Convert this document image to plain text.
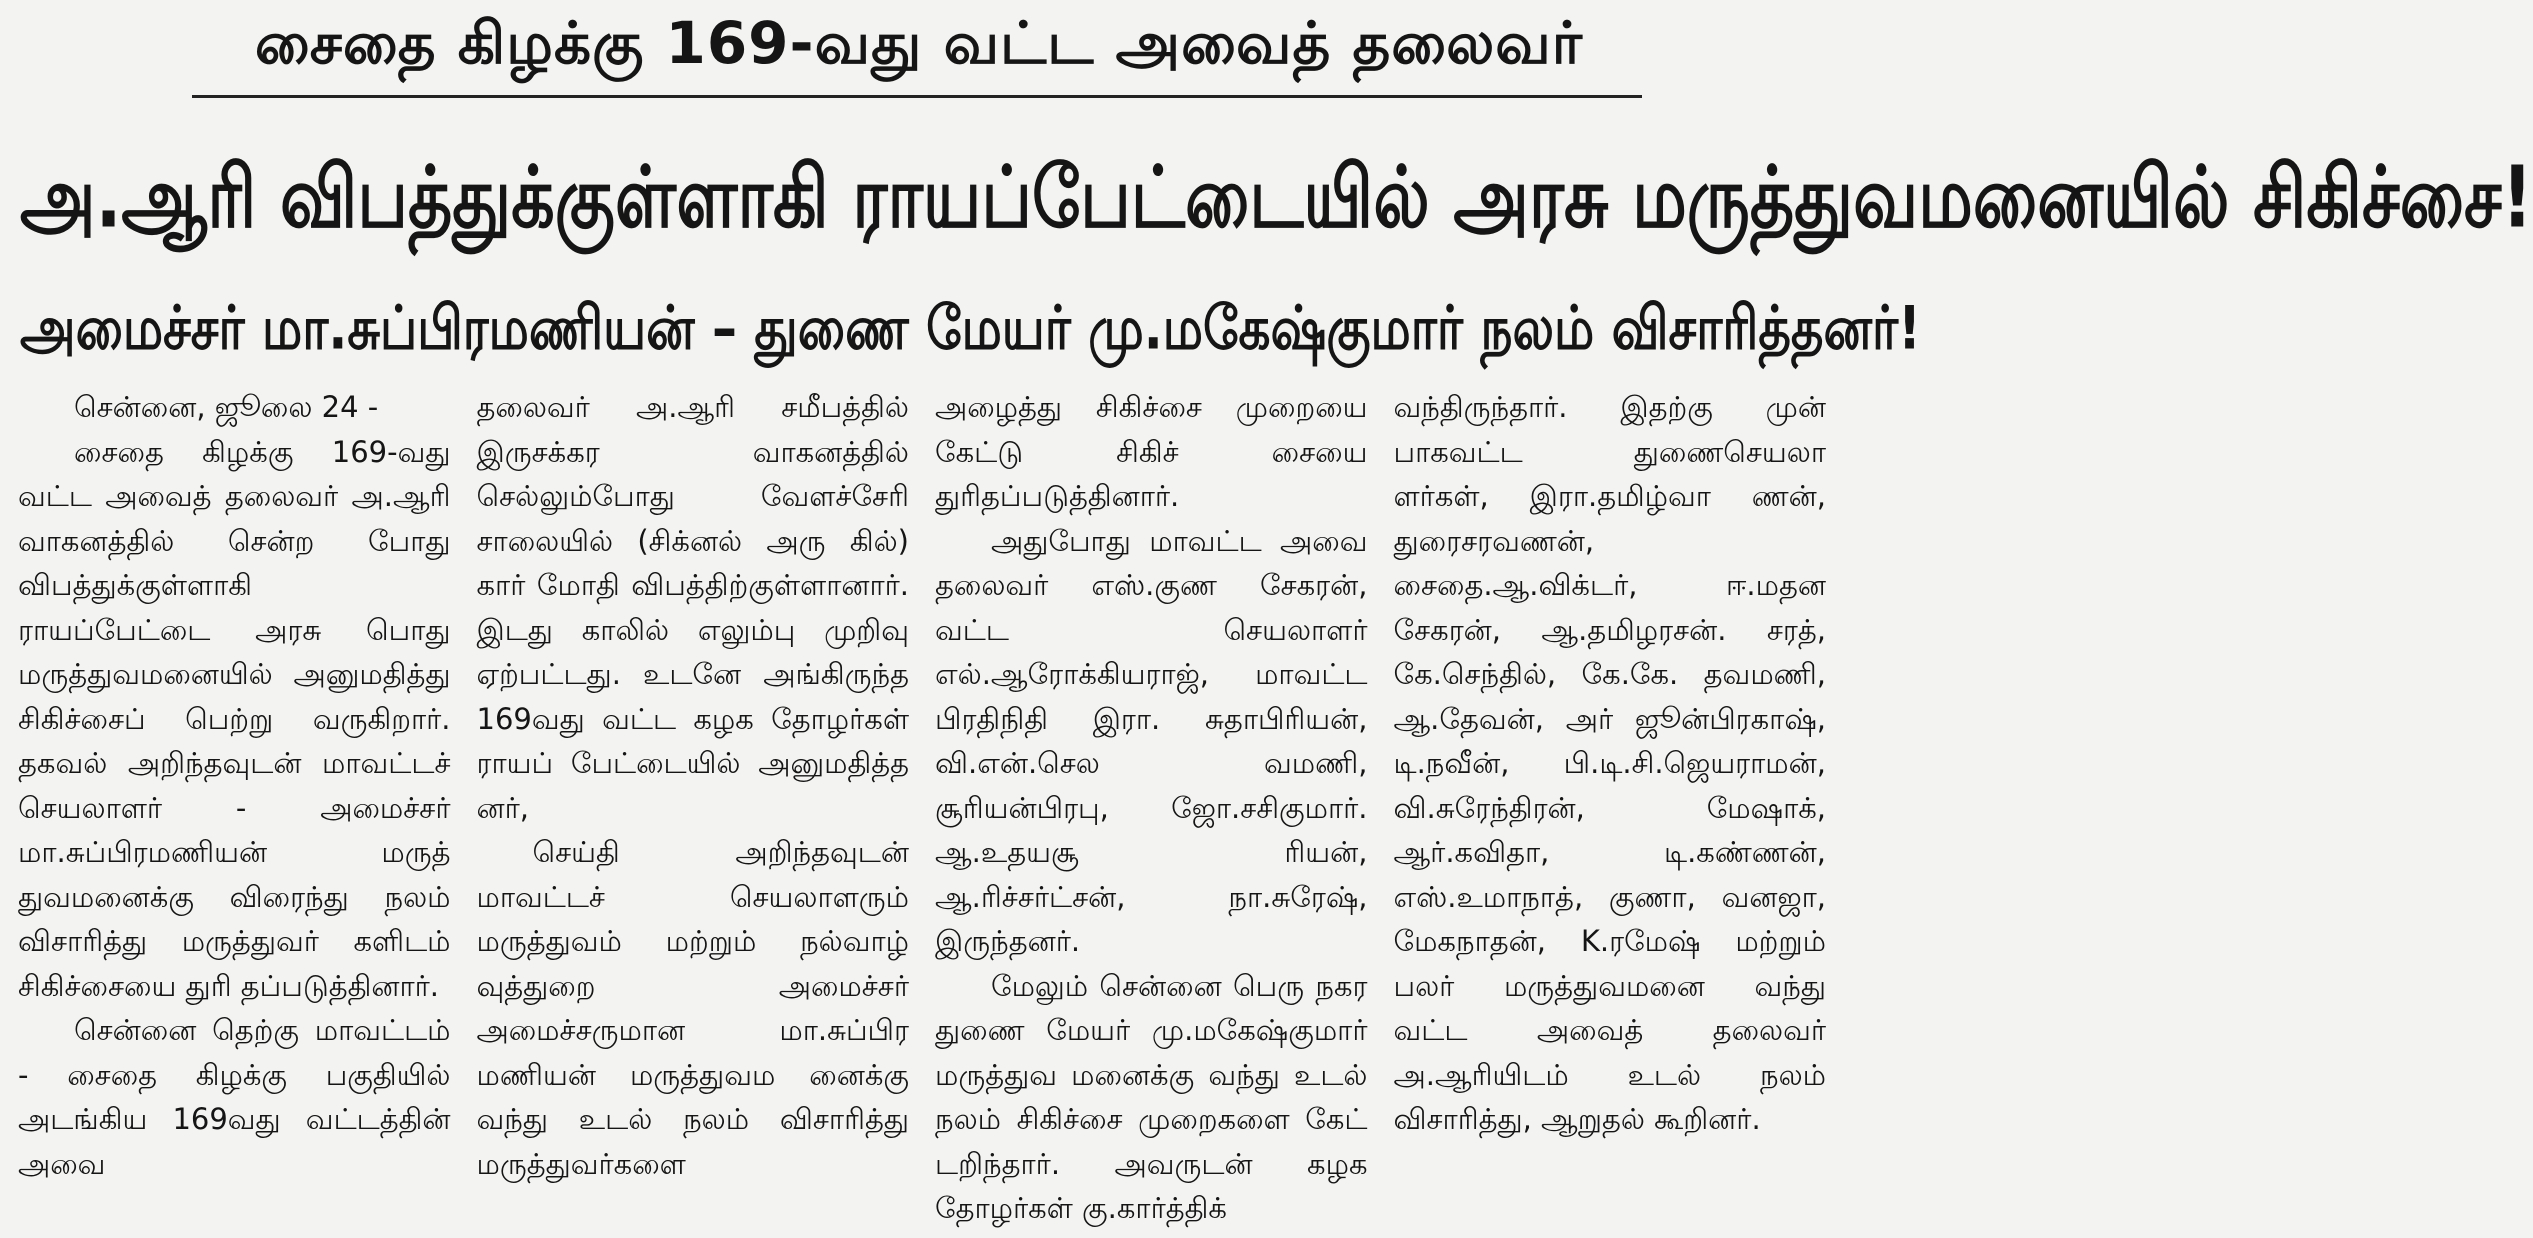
சைதை கிழக்கு 169-வது வட்ட அவைத் தலைவர்
அ.ஆரி விபத்துக்குள்ளாகி ராயப்பேட்டையில் அரசு மருத்துவமனையில் சிகிச்சை!
அமைச்சர் மா.சுப்பிரமணியன் – துணை மேயர் மு.மகேஷ்குமார் நலம் விசாரித்தனர்!

சென்னை, ஜூலை 24 -

சைதை கிழக்கு 169-வது வட்ட அவைத் தலைவர் அ.ஆரி வாகனத்தில் சென்ற போது விபத்துக்குள்ளாகி ராயப்பேட்டை அரசு பொது மருத்துவமனையில் அனுமதித்து சிகிச்சைப் பெற்று வருகிறார். தகவல் அறிந்தவுடன் மாவட்டச் செயலாளர் - அமைச்சர் மா.சுப்பிரமணியன் மருத் துவமனைக்கு விரைந்து நலம் விசாரித்து மருத்துவர் களிடம் சிகிச்சையை துரி தப்படுத்தினார்.

சென்னை தெற்கு மாவட்டம் - சைதை கிழக்கு பகுதியில் அடங்கிய 169வது வட்டத்தின் அவை

தலைவர் அ.ஆரி சமீபத்தில் இருசக்கர வாகனத்தில் செல்லும்போது வேளச்சேரி சாலையில் (சிக்னல் அரு கில்) கார் மோதி விபத்திற்குள்ளானார். இடது காலில் எலும்பு முறிவு ஏற்பட்டது. உடனே அங்கிருந்த 169வது வட்ட கழக தோழர்கள் ராயப் பேட்டையில் அனுமதித்த னர்,

செய்தி அறிந்தவுடன் மாவட்டச் செயலாளரும் மருத்துவம் மற்றும் நல்வாழ் வுத்துறை அமைச்சர் அமைச்சருமான மா.சுப்பிர மணியன் மருத்துவம னைக்கு வந்து உடல் நலம் விசாரித்து மருத்துவர்களை

அழைத்து சிகிச்சை முறையை கேட்டு சிகிச் சையை துரிதப்படுத்தினார்.

அதுபோது மாவட்ட அவை தலைவர் எஸ்.குண சேகரன், வட்ட செயலாளர் எல்.ஆரோக்கியராஜ், மாவட்ட பிரதிநிதி இரா. சுதாபிரியன், வி.என்.செல வமணி, சூரியன்பிரபு, ஜோ.சசிகுமார். ஆ.உதயசூ ரியன், ஆ.ரிச்சர்ட்சன், நா.சுரேஷ், இருந்தனர்.

மேலும் சென்னை பெரு நகர துணை மேயர் மு.மகேஷ்குமார் மருத்துவ மனைக்கு வந்து உடல் நலம் சிகிச்சை முறைகளை கேட் டறிந்தார். அவருடன் கழக தோழர்கள் கு.கார்த்திக்

வந்திருந்தார். இதற்கு முன் பாகவட்ட துணைசெயலா ளர்கள், இரா.தமிழ்வா ணன், துரைசரவணன், சைதை.ஆ.விக்டர், ஈ.மதன சேகரன், ஆ.தமிழரசன். சரத், கே.செந்தில், கே.கே. தவமணி, ஆ.தேவன், அர் ஜூன்பிரகாஷ், டி.நவீன், பி.டி.சி.ஜெயராமன், வி.சுரேந்திரன், மேஷாக், ஆர்.கவிதா, டி.கண்ணன், எஸ்.உமாநாத், குணா, வனஜா, மேகநாதன், K.ரமேஷ் மற்றும் பலர் மருத்துவமனை வந்து வட்ட அவைத் தலைவர் அ.ஆரியிடம் உடல் நலம் விசாரித்து, ஆறுதல் கூறினர்.
